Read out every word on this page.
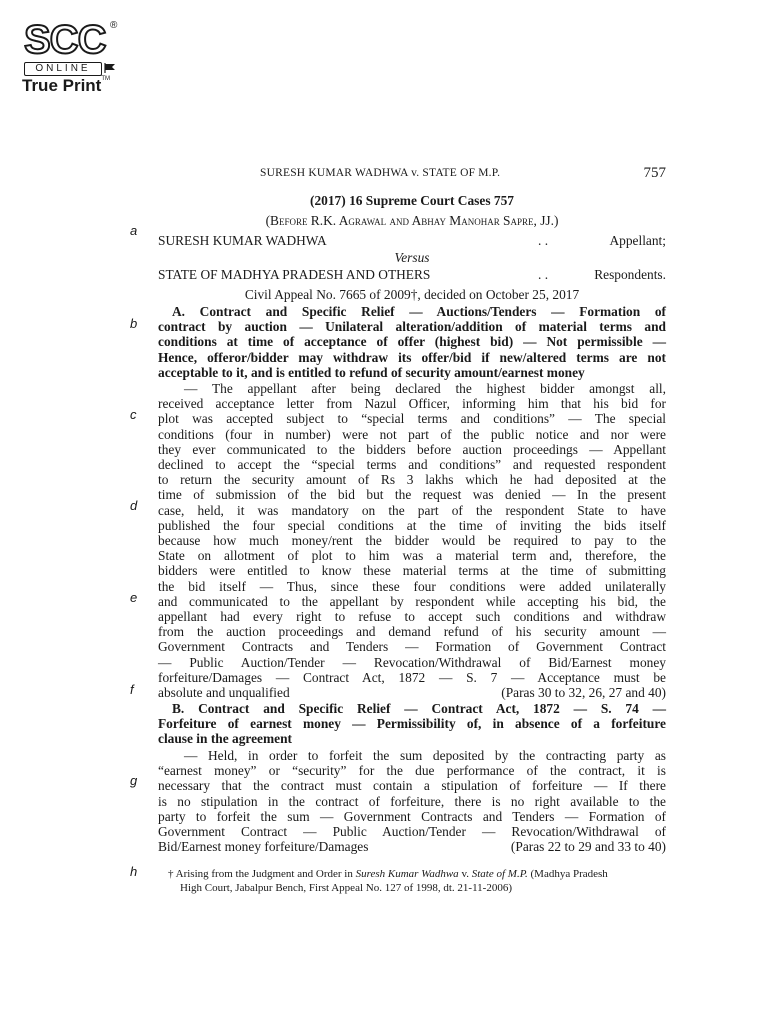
SCC ®
ONLINE
True Print™
a
b
c
d
e
f
g
h
SURESH KUMAR WADHWA v. STATE OF M.P.	757
(2017) 16 Supreme Court Cases 757
(Before R.K. Agrawal and Abhay Manohar Sapre, JJ.)
SURESH KUMAR WADHWA	. .	Appellant;
Versus
STATE OF MADHYA PRADESH AND OTHERS	. .	Respondents.
Civil Appeal No. 7665 of 2009†, decided on October 25, 2017
A. Contract and Specific Relief — Auctions/Tenders — Formation of
contract by auction — Unilateral alteration/addition of material terms and
conditions at time of acceptance of offer (highest bid) — Not permissible —
Hence, offeror/bidder may withdraw its offer/bid if new/altered terms are not
acceptable to it, and is entitled to refund of security amount/earnest money
— The appellant after being declared the highest bidder amongst all,
received acceptance letter from Nazul Officer, informing him that his bid for
plot was accepted subject to “special terms and conditions” — The special
conditions (four in number) were not part of the public notice and nor were
they ever communicated to the bidders before auction proceedings — Appellant
declined to accept the “special terms and conditions” and requested respondent
to return the security amount of Rs 3 lakhs which he had deposited at the
time of submission of the bid but the request was denied — In the present
case, held, it was mandatory on the part of the respondent State to have
published the four special conditions at the time of inviting the bids itself
because how much money/rent the bidder would be required to pay to the
State on allotment of plot to him was a material term and, therefore, the
bidders were entitled to know these material terms at the time of submitting
the bid itself — Thus, since these four conditions were added unilaterally
and communicated to the appellant by respondent while accepting his bid, the
appellant had every right to refuse to accept such conditions and withdraw
from the auction proceedings and demand refund of his security amount —
Government Contracts and Tenders — Formation of Government Contract
— Public Auction/Tender — Revocation/Withdrawal of Bid/Earnest money
forfeiture/Damages — Contract Act, 1872 — S. 7 — Acceptance must be
absolute and unqualified	(Paras 30 to 32, 26, 27 and 40)
B. Contract and Specific Relief — Contract Act, 1872 — S. 74 —
Forfeiture of earnest money — Permissibility of, in absence of a forfeiture
clause in the agreement
— Held, in order to forfeit the sum deposited by the contracting party as
“earnest money” or “security” for the due performance of the contract, it is
necessary that the contract must contain a stipulation of forfeiture — If there
is no stipulation in the contract of forfeiture, there is no right available to the
party to forfeit the sum — Government Contracts and Tenders — Formation of
Government Contract — Public Auction/Tender — Revocation/Withdrawal of
Bid/Earnest money forfeiture/Damages	(Paras 22 to 29 and 33 to 40)
† Arising from the Judgment and Order in Suresh Kumar Wadhwa v. State of M.P. (Madhya Pradesh
High Court, Jabalpur Bench, First Appeal No. 127 of 1998, dt. 21-11-2006)
